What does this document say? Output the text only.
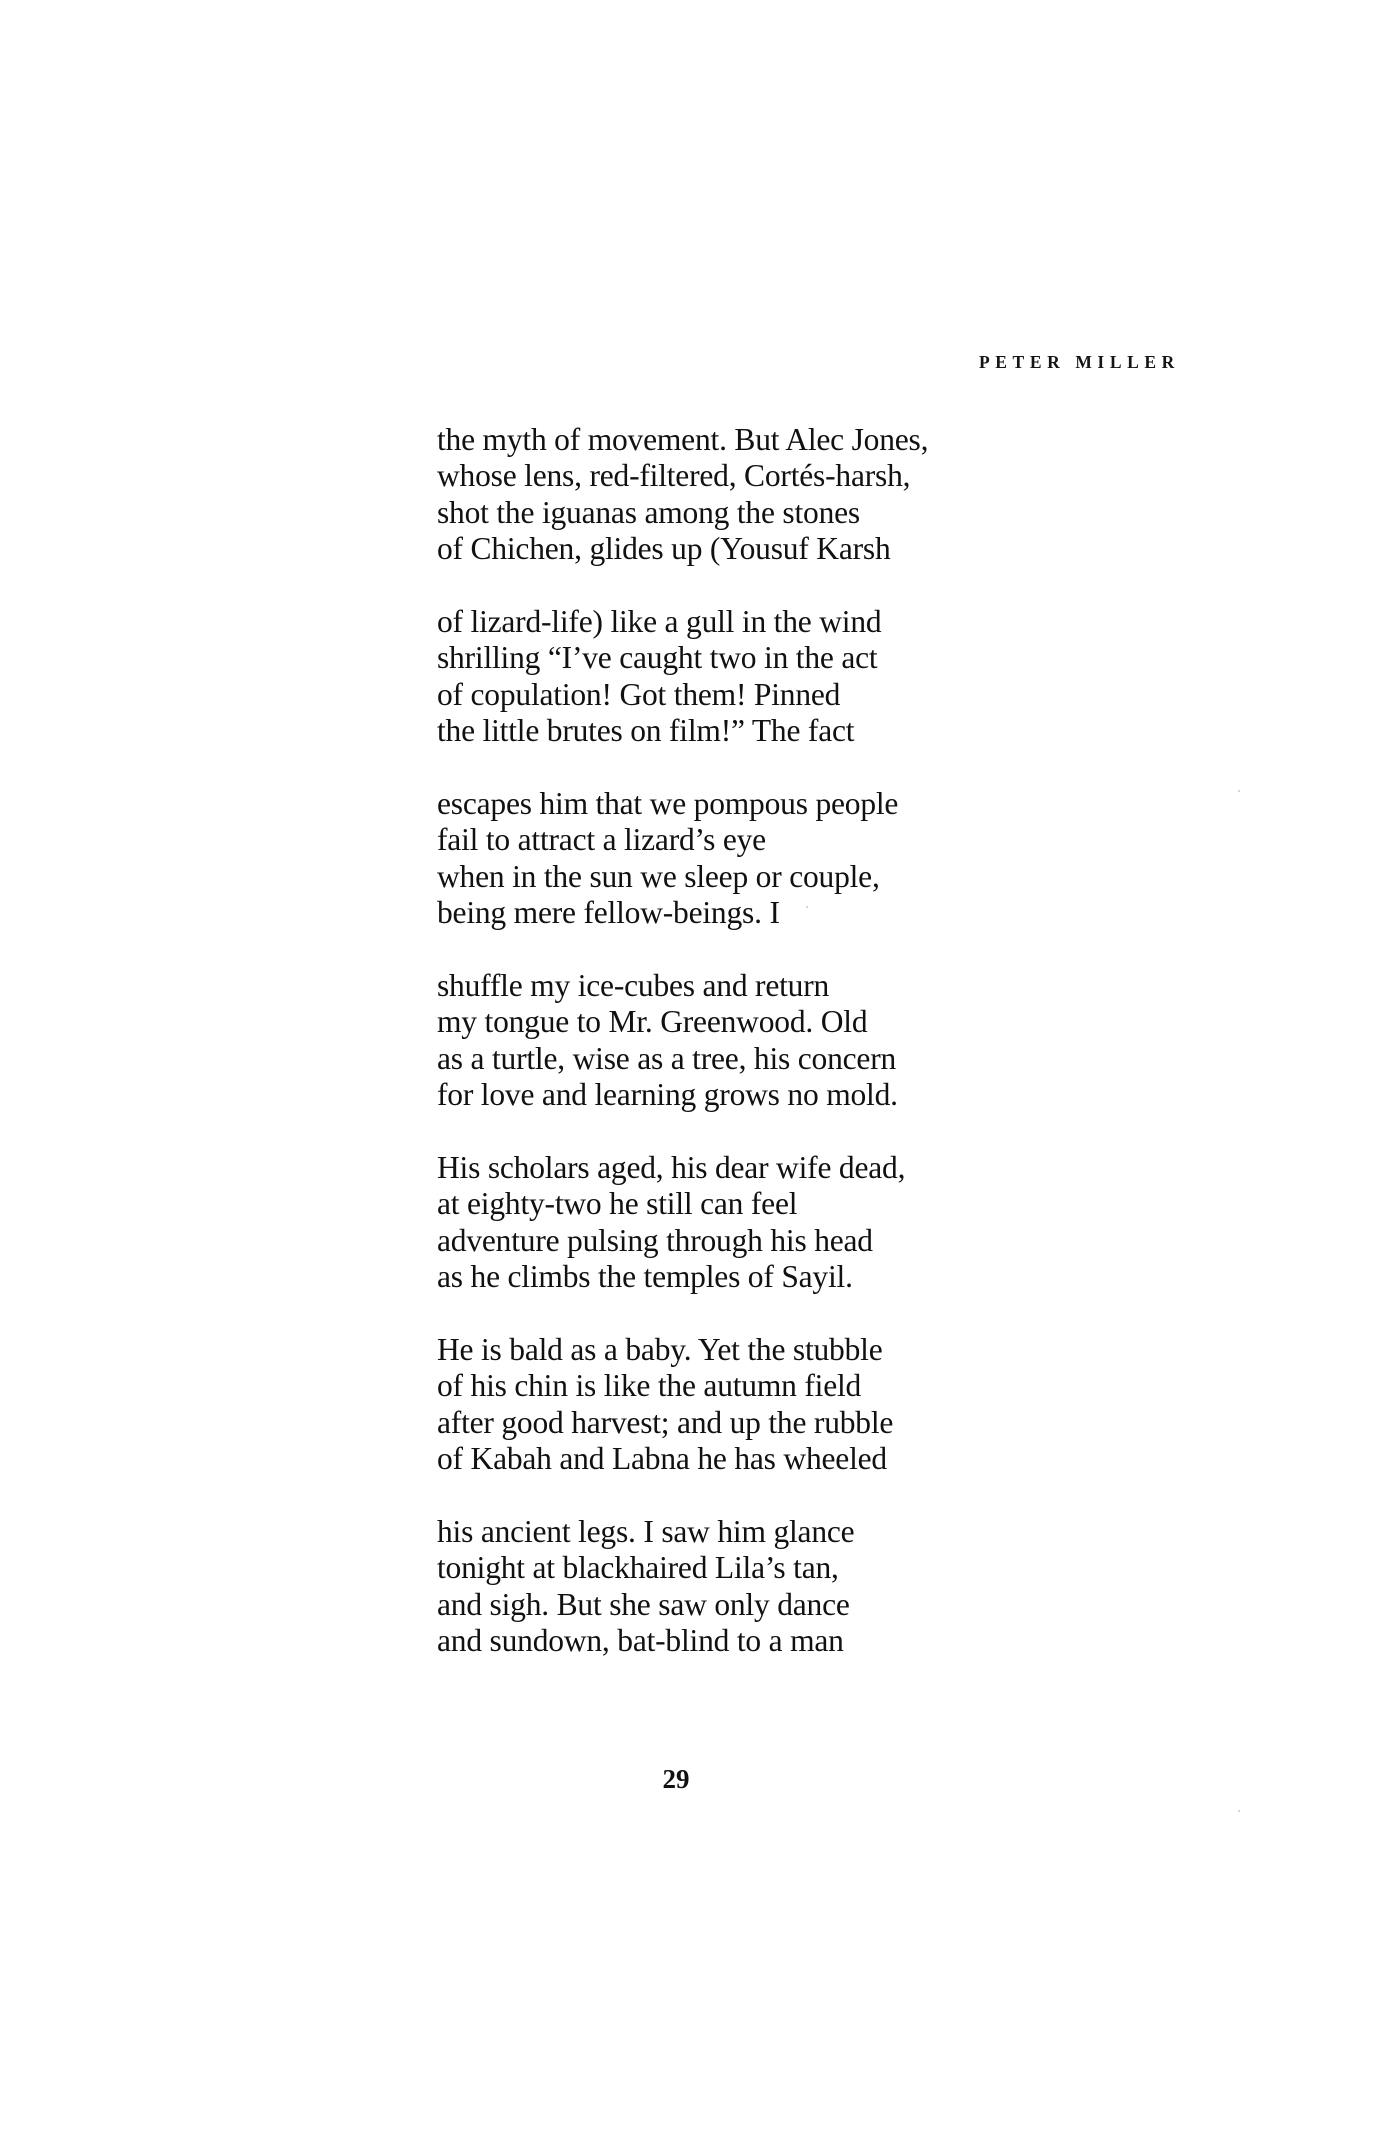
PETER MILLER
the myth of movement. But Alec Jones,
whose lens, red-filtered, Cortés-harsh,
shot the iguanas among the stones
of Chichen, glides up (Yousuf Karsh
of lizard-life) like a gull in the wind
shrilling “I’ve caught two in the act
of copulation! Got them! Pinned
the little brutes on film!” The fact
escapes him that we pompous people
fail to attract a lizard’s eye
when in the sun we sleep or couple,
being mere fellow-beings. I
shuffle my ice-cubes and return
my tongue to Mr. Greenwood. Old
as a turtle, wise as a tree, his concern
for love and learning grows no mold.
His scholars aged, his dear wife dead,
at eighty-two he still can feel
adventure pulsing through his head
as he climbs the temples of Sayil.
He is bald as a baby. Yet the stubble
of his chin is like the autumn field
after good harvest; and up the rubble
of Kabah and Labna he has wheeled
his ancient legs. I saw him glance
tonight at blackhaired Lila’s tan,
and sigh. But she saw only dance
and sundown, bat-blind to a man
29
